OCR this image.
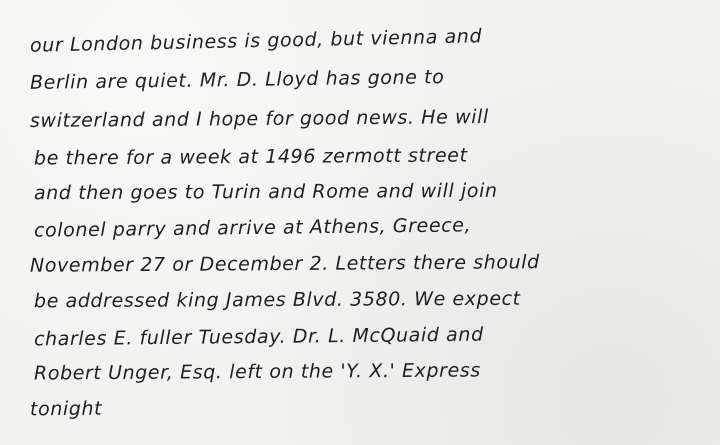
our London business is good, but vienna and
Berlin are quiet. Mr. D. Lloyd has gone to
switzerland and I hope for good news. He will
be there for a week at 1496 zermott street
and then goes to Turin and Rome and will join
colonel parry and arrive at Athens, Greece,
November 27 or December 2. Letters there should
be addressed king James Blvd. 3580. We expect
charles E. fuller Tuesday. Dr. L. McQuaid and
Robert Unger, Esq. left on the 'Y. X.' Express
tonight
